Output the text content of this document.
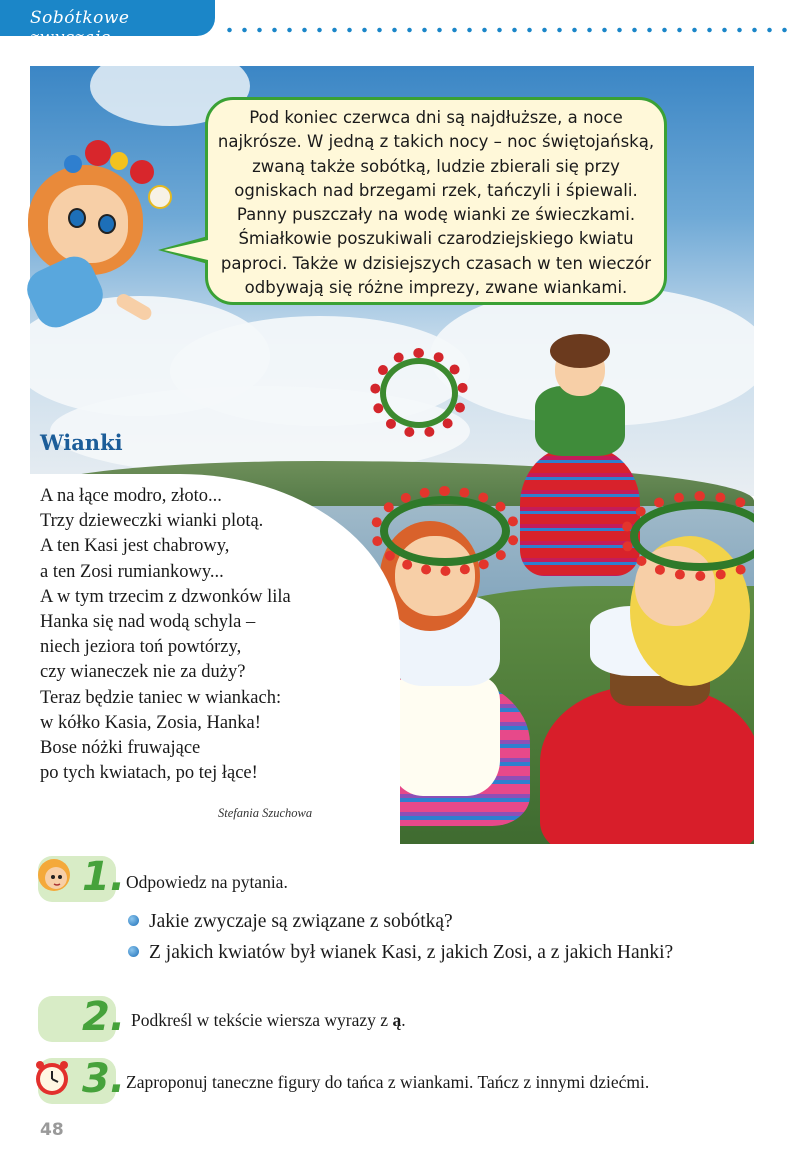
Sobótkowe zwyczaje
Pod koniec czerwca dni są najdłuższe, a noce
najkrósze. W jedną z takich nocy – noc świętojańską,
zwaną także sobótką, ludzie zbierali się przy
ogniskach nad brzegami rzek, tańczyli i śpiewali.
Panny puszczały na wodę wianki ze świeczkami.
Śmiałkowie poszukiwali czarodziejskiego kwiatu
paproci. Także w dzisiejszych czasach w ten wieczór
odbywają się różne imprezy, zwane wiankami.
Wianki
A na łące modro, złoto...
Trzy dzieweczki wianki plotą.
A ten Kasi jest chabrowy,
a ten Zosi rumiankowy...
A w tym trzecim z dzwonków lila
Hanka się nad wodą schyla –
niech jeziora toń powtórzy,
czy wianeczek nie za duży?
Teraz będzie taniec w wiankach:
w kółko Kasia, Zosia, Hanka!
Bose nóżki fruwające
po tych kwiatach, po tej łące!
Stefania Szuchowa
1. Odpowiedz na pytania.
Jakie zwyczaje są związane z sobótką?
Z jakich kwiatów był wianek Kasi, z jakich Zosi, a z jakich Hanki?
2. Podkreśl w tekście wiersza wyrazy z ą.
3. Zaproponuj taneczne figury do tańca z wiankami. Tańcz z innymi dziećmi.
48
